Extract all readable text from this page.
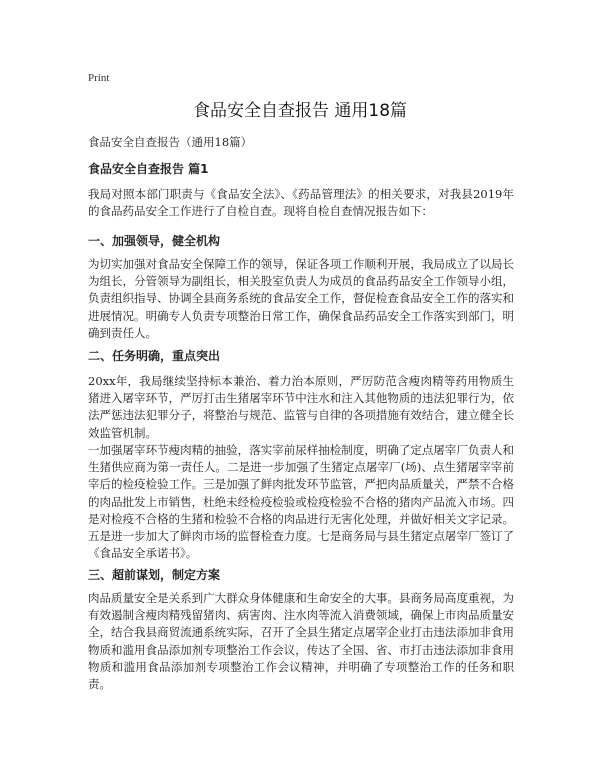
Print
食品安全自查报告 通用18篇

食品安全自查报告（通用18篇）

食品安全自查报告 篇1

我局对照本部门职责与《食品安全法》、《药品管理法》的相关要求，对我县2019年的食品药品安全工作进行了自检自查。现将自检自查情况报告如下：

一、加强领导，健全机构

为切实加强对食品安全保障工作的领导，保证各项工作顺利开展，我局成立了以局长为组长，分管领导为副组长，相关股室负责人为成员的食品药品安全工作领导小组，负责组织指导、协调全县商务系统的食品安全工作，督促检查食品安全工作的落实和进展情况。明确专人负责专项整治日常工作，确保食品药品安全工作落实到部门，明确到责任人。

二、任务明确，重点突出

20xx年，我局继续坚持标本兼治、着力治本原则，严厉防范含瘦肉精等药用物质生猪进入屠宰环节，严厉打击生猪屠宰环节中注水和注入其他物质的违法犯罪行为，依法严惩违法犯罪分子，将整治与规范、监管与自律的各项措施有效结合，建立健全长效监管机制。

一加强屠宰环节瘦肉精的抽验，落实宰前尿样抽检制度，明确了定点屠宰厂负责人和生猪供应商为第一责任人。二是进一步加强了生猪定点屠宰厂(场)、点生猪屠宰宰前宰后的检疫检验工作。三是加强了鲜肉批发环节监管，严把肉品质量关，严禁不合格的肉品批发上市销售，杜绝未经检疫检验或检疫检验不合格的猪肉产品流入市场。四是对检疫不合格的生猪和检验不合格的肉品进行无害化处理，并做好相关文字记录。五是进一步加大了鲜肉市场的监督检查力度。七是商务局与县生猪定点屠宰厂签订了《食品安全承诺书》。

三、超前谋划，制定方案

肉品质量安全是关系到广大群众身体健康和生命安全的大事。县商务局高度重视，为有效遏制含瘦肉精残留猪肉、病害肉、注水肉等流入消费领域，确保上市肉品质量安全，结合我县商贸流通系统实际，召开了全县生猪定点屠宰企业打击违法添加非食用物质和滥用食品添加剂专项整治工作会议，传达了全国、省、市打击违法添加非食用物质和滥用食品添加剂专项整治工作会议精神，并明确了专项整治工作的任务和职责。
